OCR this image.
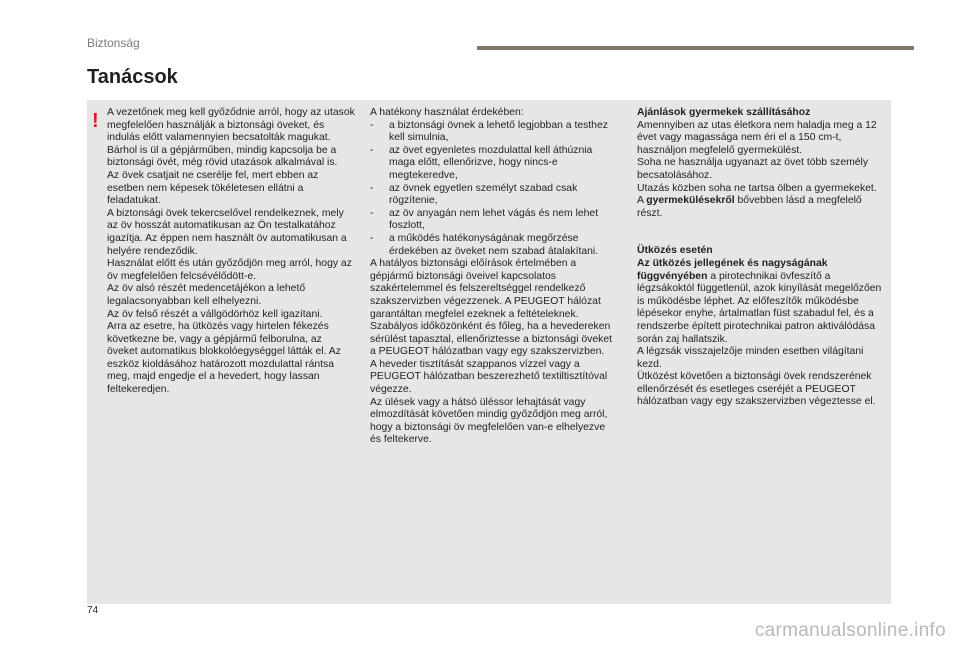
Biztonság
Tanácsok
! A vezetőnek meg kell győződnie arról, hogy az utasok megfelelően használják a biztonsági öveket, és indulás előtt valamennyien becsatolták magukat.

Bárhol is ül a gépjárműben, mindig kapcsolja be a biztonsági övét, még rövid utazások alkalmával is.

Az övek csatjait ne cserélje fel, mert ebben az esetben nem képesek tökéletesen ellátni a feladatukat.

A biztonsági övek tekercselővel rendelkeznek, mely az öv hosszát automatikusan az Ön testalkatához igazítja. Az éppen nem használt öv automatikusan a helyére rendeződik.

Használat előtt és után győződjön meg arról, hogy az öv megfelelően felcsévélődött-e.

Az öv alsó részét medencetájékon a lehető legalacsonyabban kell elhelyezni.

Az öv felső részét a vállgödörhöz kell igazítani.

Arra az esetre, ha ütközés vagy hirtelen fékezés következne be, vagy a gépjármű felborulna, az öveket automatikus blokkolóegységgel látták el. Az eszköz kioldásához határozott mozdulattal rántsa meg, majd engedje el a hevedert, hogy lassan feltekeredjen.

A hatékony használat érdekében:

- a biztonsági övnek a lehető legjobban a testhez kell simulnia,
- az övet egyenletes mozdulattal kell áthúznia maga előtt, ellenőrizve, hogy nincs-e megtekeredve,
- az övnek egyetlen személyt szabad csak rögzítenie,
- az öv anyagán nem lehet vágás és nem lehet foszlott,
- a működés hatékonyságának megőrzése érdekében az öveket nem szabad átalakítani.

A hatályos biztonsági előírások értelmében a gépjármű biztonsági öveivel kapcsolatos szakértelemmel és felszereltséggel rendelkező szakszervizben végezzenek. A PEUGEOT hálózat garantáltan megfelel ezeknek a feltételeknek.

Szabályos időközönként és főleg, ha a hevedereken sérülést tapasztal, ellenőriztesse a biztonsági öveket a PEUGEOT hálózatban vagy egy szakszervizben.

A heveder tisztítását szappanos vízzel vagy a PEUGEOT hálózatban beszerezhető textiltisztítóval végezze.

Az ülések vagy a hátsó üléssor lehajtását vagy elmozdítását követően mindig győződjön meg arról, hogy a biztonsági öv megfelelően van-e elhelyezve és feltekerve.

Ajánlások gyermekek szállításához

Amennyiben az utas életkora nem haladja meg a 12 évet vagy magassága nem éri el a 150 cm-t, használjon megfelelő gyermekülést.

Soha ne használja ugyanazt az övet több személy becsatolásához.

Utazás közben soha ne tartsa ölben a gyermekeket.

A gyermekülésekről bővebben lásd a megfelelő részt.

Ütközés esetén

Az ütközés jellegének és nagyságának függvényében a pirotechnikai övfeszítő a légzsákoktól függetlenül, azok kinyílását megelőzően is működésbe léphet. Az előfeszítők működésbe lépésekor enyhe, ártalmatlan füst szabadul fel, és a rendszerbe épített pirotechnikai patron aktiválódása során zaj hallatszik.

A légzsák visszajelzője minden esetben világítani kezd.

Ütközést követően a biztonsági övek rendszerének ellenőrzését és esetleges cseréjét a PEUGEOT hálózatban vagy egy szakszervizben végeztesse el.

74
carmanualsonline.info
